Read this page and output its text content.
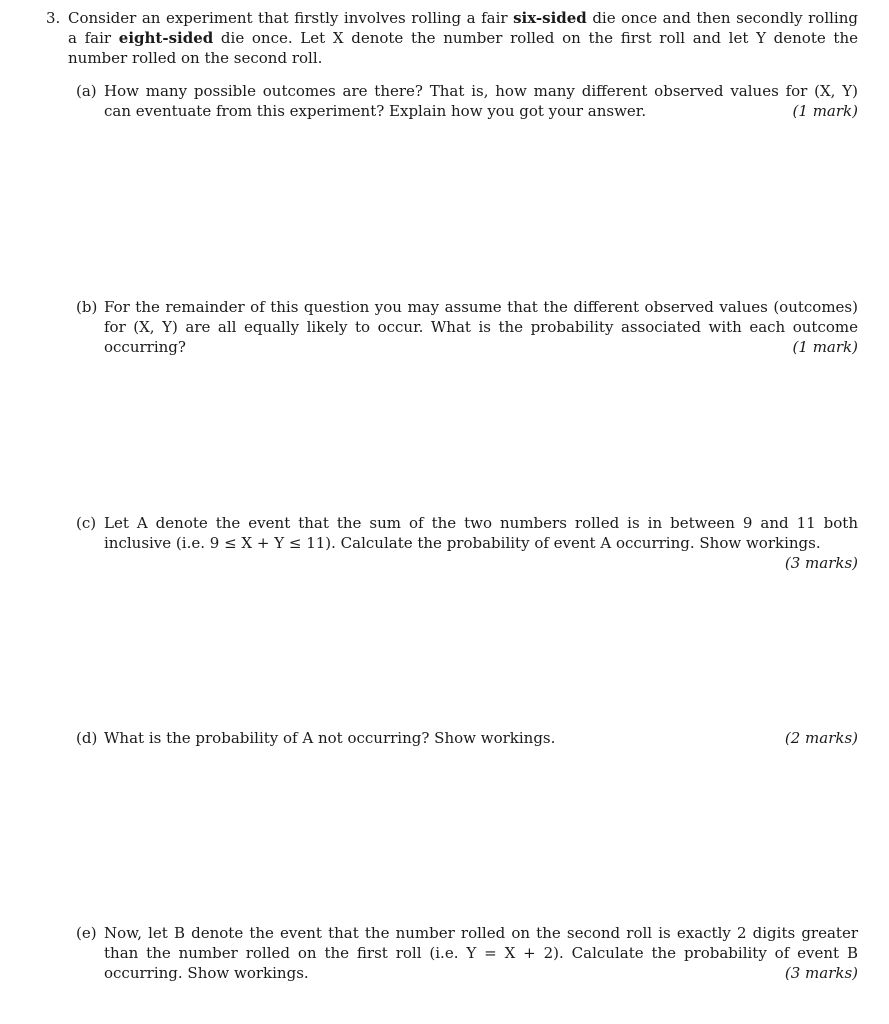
3. Consider an experiment that firstly involves rolling a fair six-sided die once and then secondly rolling a fair eight-sided die once. Let X denote the number rolled on the first roll and let Y denote the number rolled on the second roll.
(a) How many possible outcomes are there? That is, how many different observed values for (X, Y) can eventuate from this experiment? Explain how you got your answer.	(1 mark)
(b) For the remainder of this question you may assume that the different observed values (outcomes) for (X, Y) are all equally likely to occur. What is the probability associated with each outcome occurring?	(1 mark)
(c) Let A denote the event that the sum of the two numbers rolled is in between 9 and 11 both inclusive (i.e. 9 ≤ X + Y ≤ 11). Calculate the probability of event A occurring. Show workings.
(3 marks)
(d) What is the probability of A not occurring? Show workings.	(2 marks)
(e) Now, let B denote the event that the number rolled on the second roll is exactly 2 digits greater than the number rolled on the first roll (i.e. Y = X + 2). Calculate the probability of event B occurring. Show workings.	(3 marks)
